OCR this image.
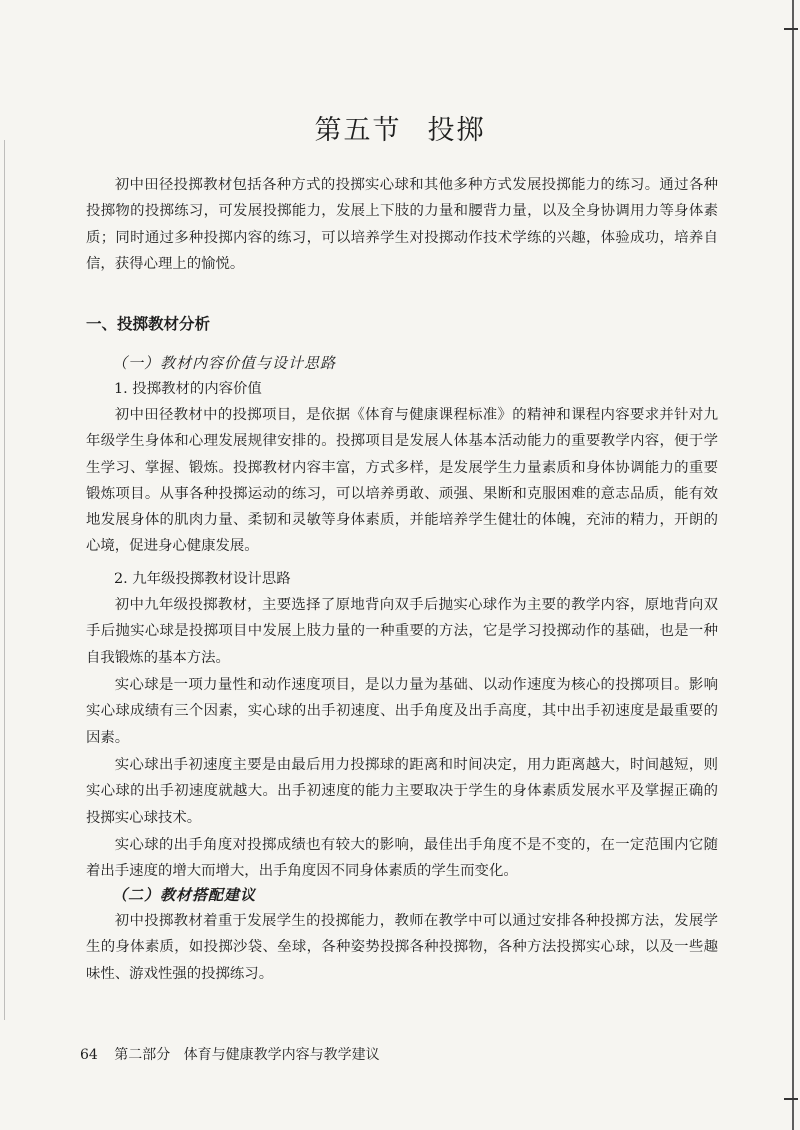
第五节 投掷

初中田径投掷教材包括各种方式的投掷实心球和其他多种方式发展投掷能力的练习。通过各种投掷物的投掷练习，可发展投掷能力，发展上下肢的力量和腰背力量，以及全身协调用力等身体素质；同时通过多种投掷内容的练习，可以培养学生对投掷动作技术学练的兴趣，体验成功，培养自信，获得心理上的愉悦。

一、投掷教材分析
（一）教材内容价值与设计思路
1. 投掷教材的内容价值

初中田径教材中的投掷项目，是依据《体育与健康课程标准》的精神和课程内容要求并针对九年级学生身体和心理发展规律安排的。投掷项目是发展人体基本活动能力的重要教学内容，便于学生学习、掌握、锻炼。投掷教材内容丰富，方式多样，是发展学生力量素质和身体协调能力的重要锻炼项目。从事各种投掷运动的练习，可以培养勇敢、顽强、果断和克服困难的意志品质，能有效地发展身体的肌肉力量、柔韧和灵敏等身体素质，并能培养学生健壮的体魄，充沛的精力，开朗的心境，促进身心健康发展。

2. 九年级投掷教材设计思路

初中九年级投掷教材，主要选择了原地背向双手后抛实心球作为主要的教学内容，原地背向双手后抛实心球是投掷项目中发展上肢力量的一种重要的方法，它是学习投掷动作的基础，也是一种自我锻炼的基本方法。

实心球是一项力量性和动作速度项目，是以力量为基础、以动作速度为核心的投掷项目。影响实心球成绩有三个因素，实心球的出手初速度、出手角度及出手高度，其中出手初速度是最重要的因素。

实心球出手初速度主要是由最后用力投掷球的距离和时间决定，用力距离越大，时间越短，则实心球的出手初速度就越大。出手初速度的能力主要取决于学生的身体素质发展水平及掌握正确的投掷实心球技术。

实心球的出手角度对投掷成绩也有较大的影响，最佳出手角度不是不变的，在一定范围内它随着出手速度的增大而增大，出手角度因不同身体素质的学生而变化。

（二）教材搭配建议

初中投掷教材着重于发展学生的投掷能力，教师在教学中可以通过安排各种投掷方法，发展学生的身体素质，如投掷沙袋、垒球，各种姿势投掷各种投掷物，各种方法投掷实心球，以及一些趣味性、游戏性强的投掷练习。

64 第二部分 体育与健康教学内容与教学建议
